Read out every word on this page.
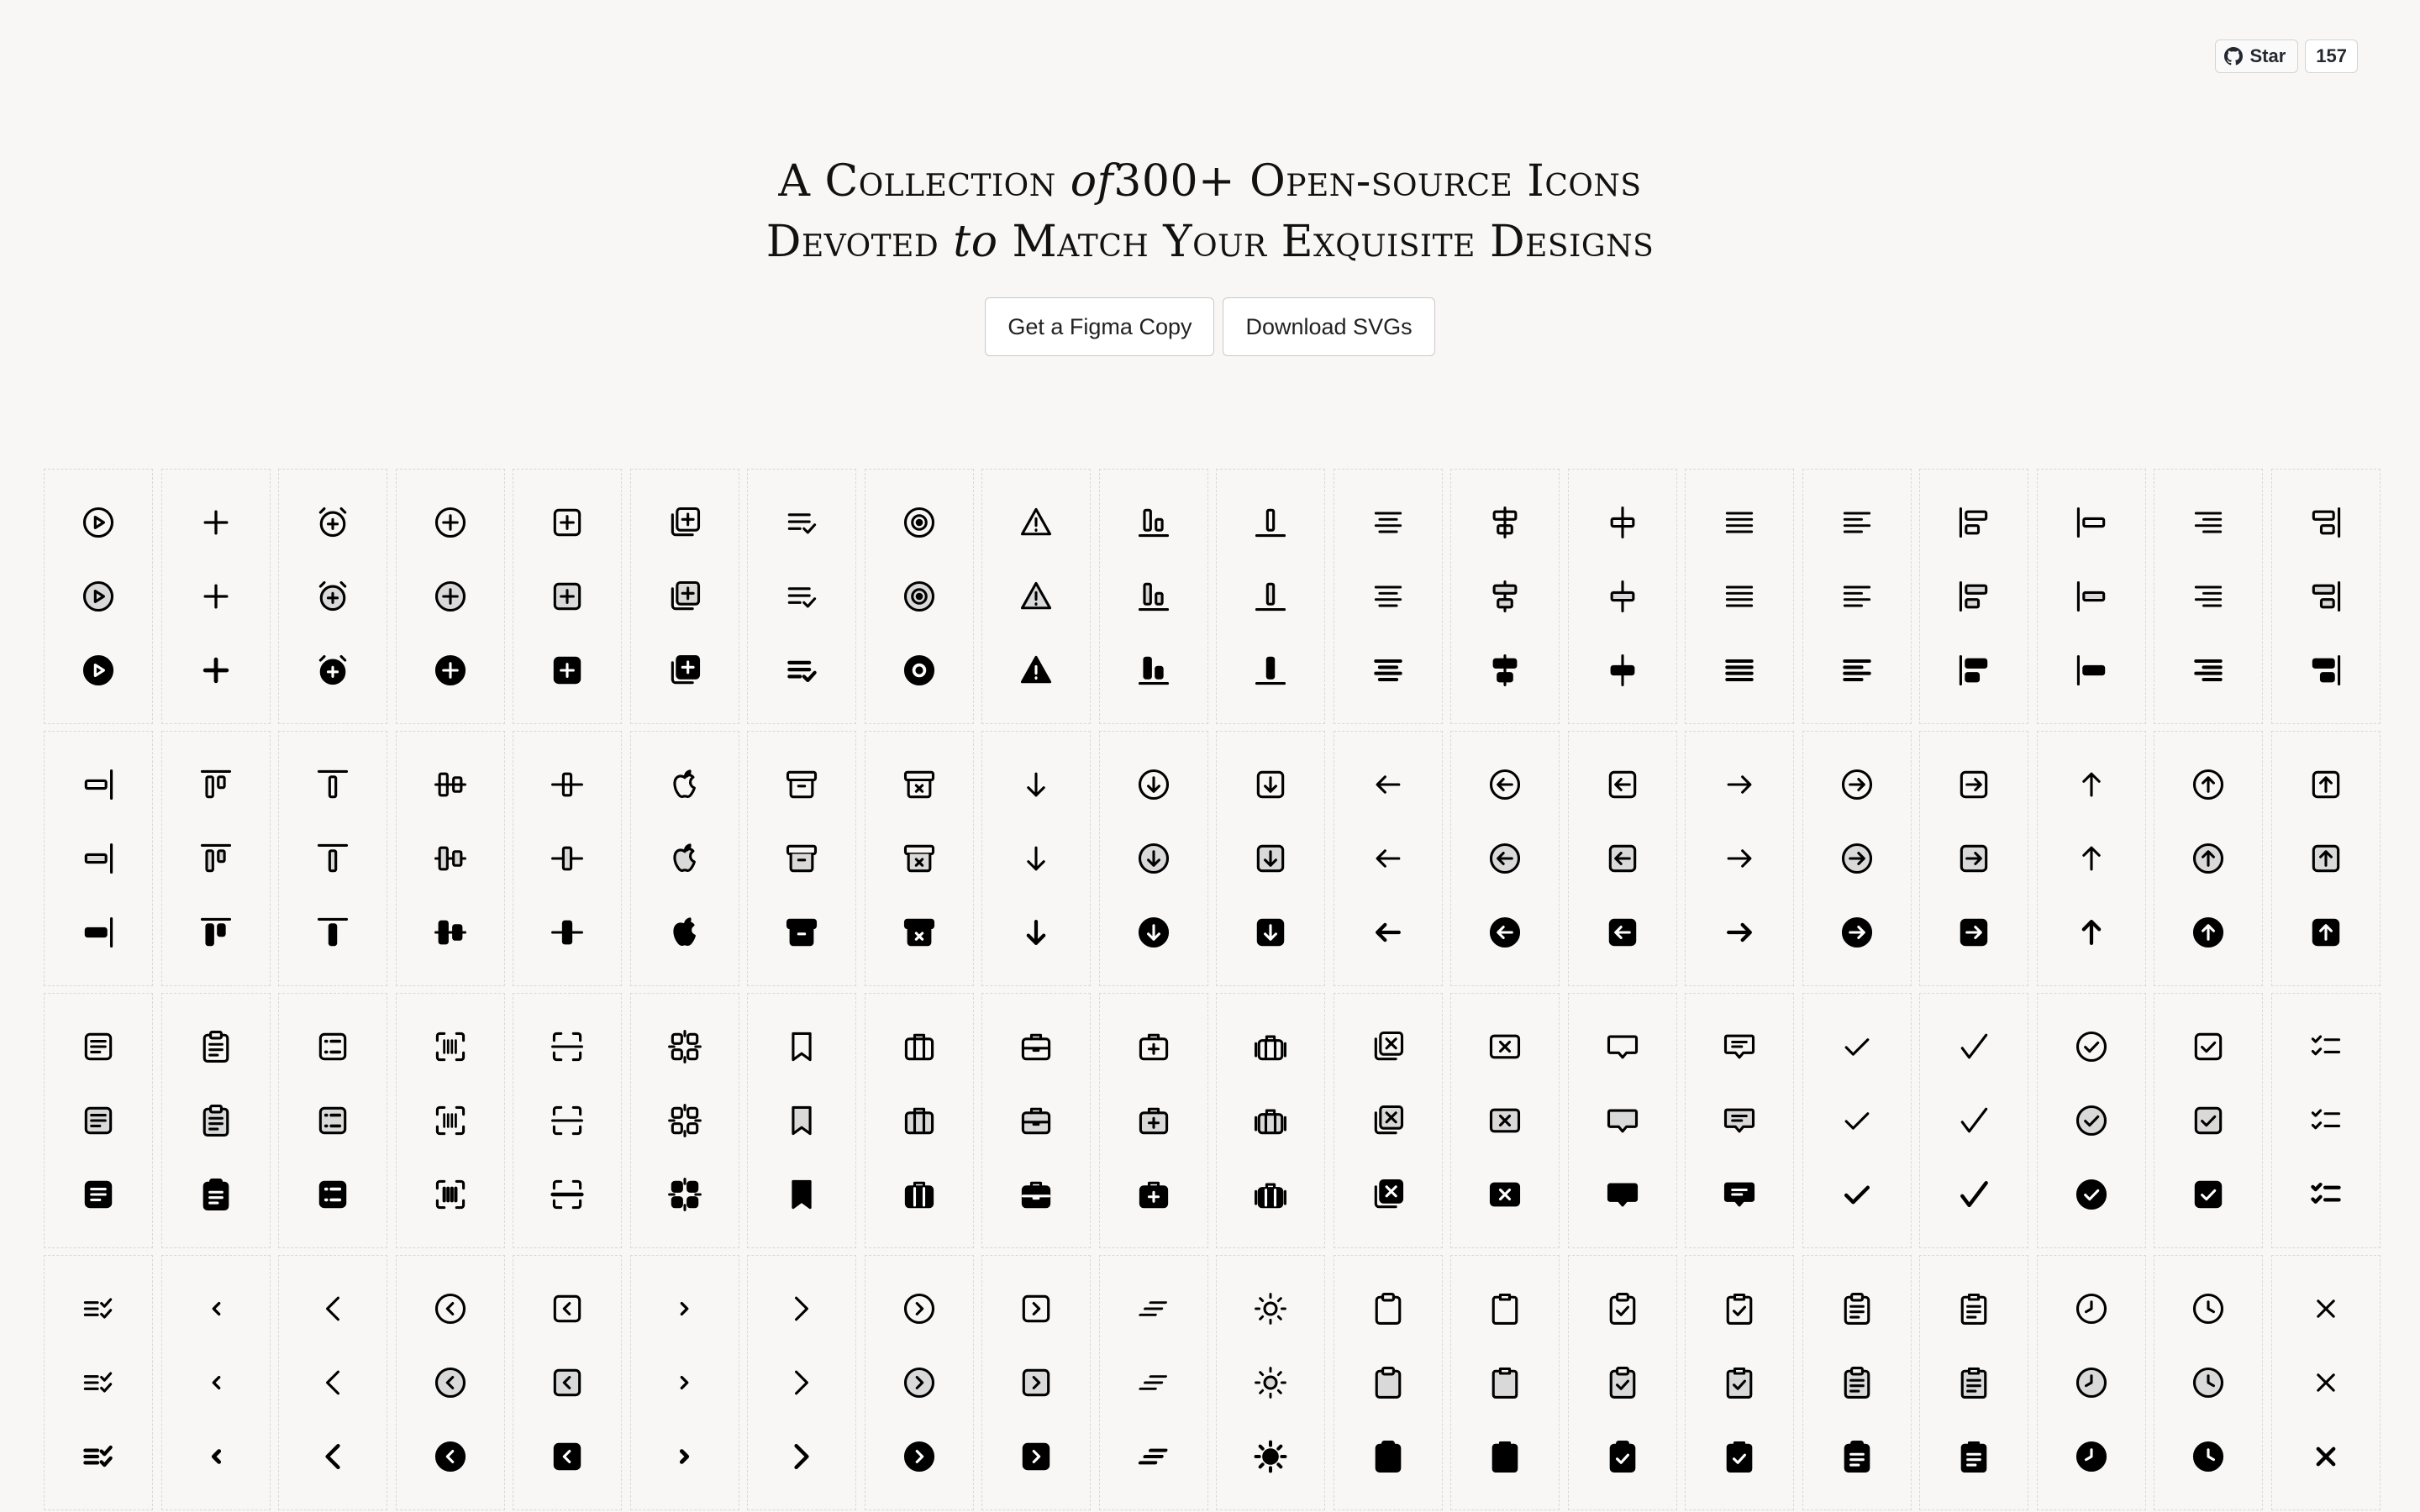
Star	157
A Collection of300+ Open-source Icons
Devoted to Match Your Exquisite Designs
Get a Figma Copy	Download SVGs
